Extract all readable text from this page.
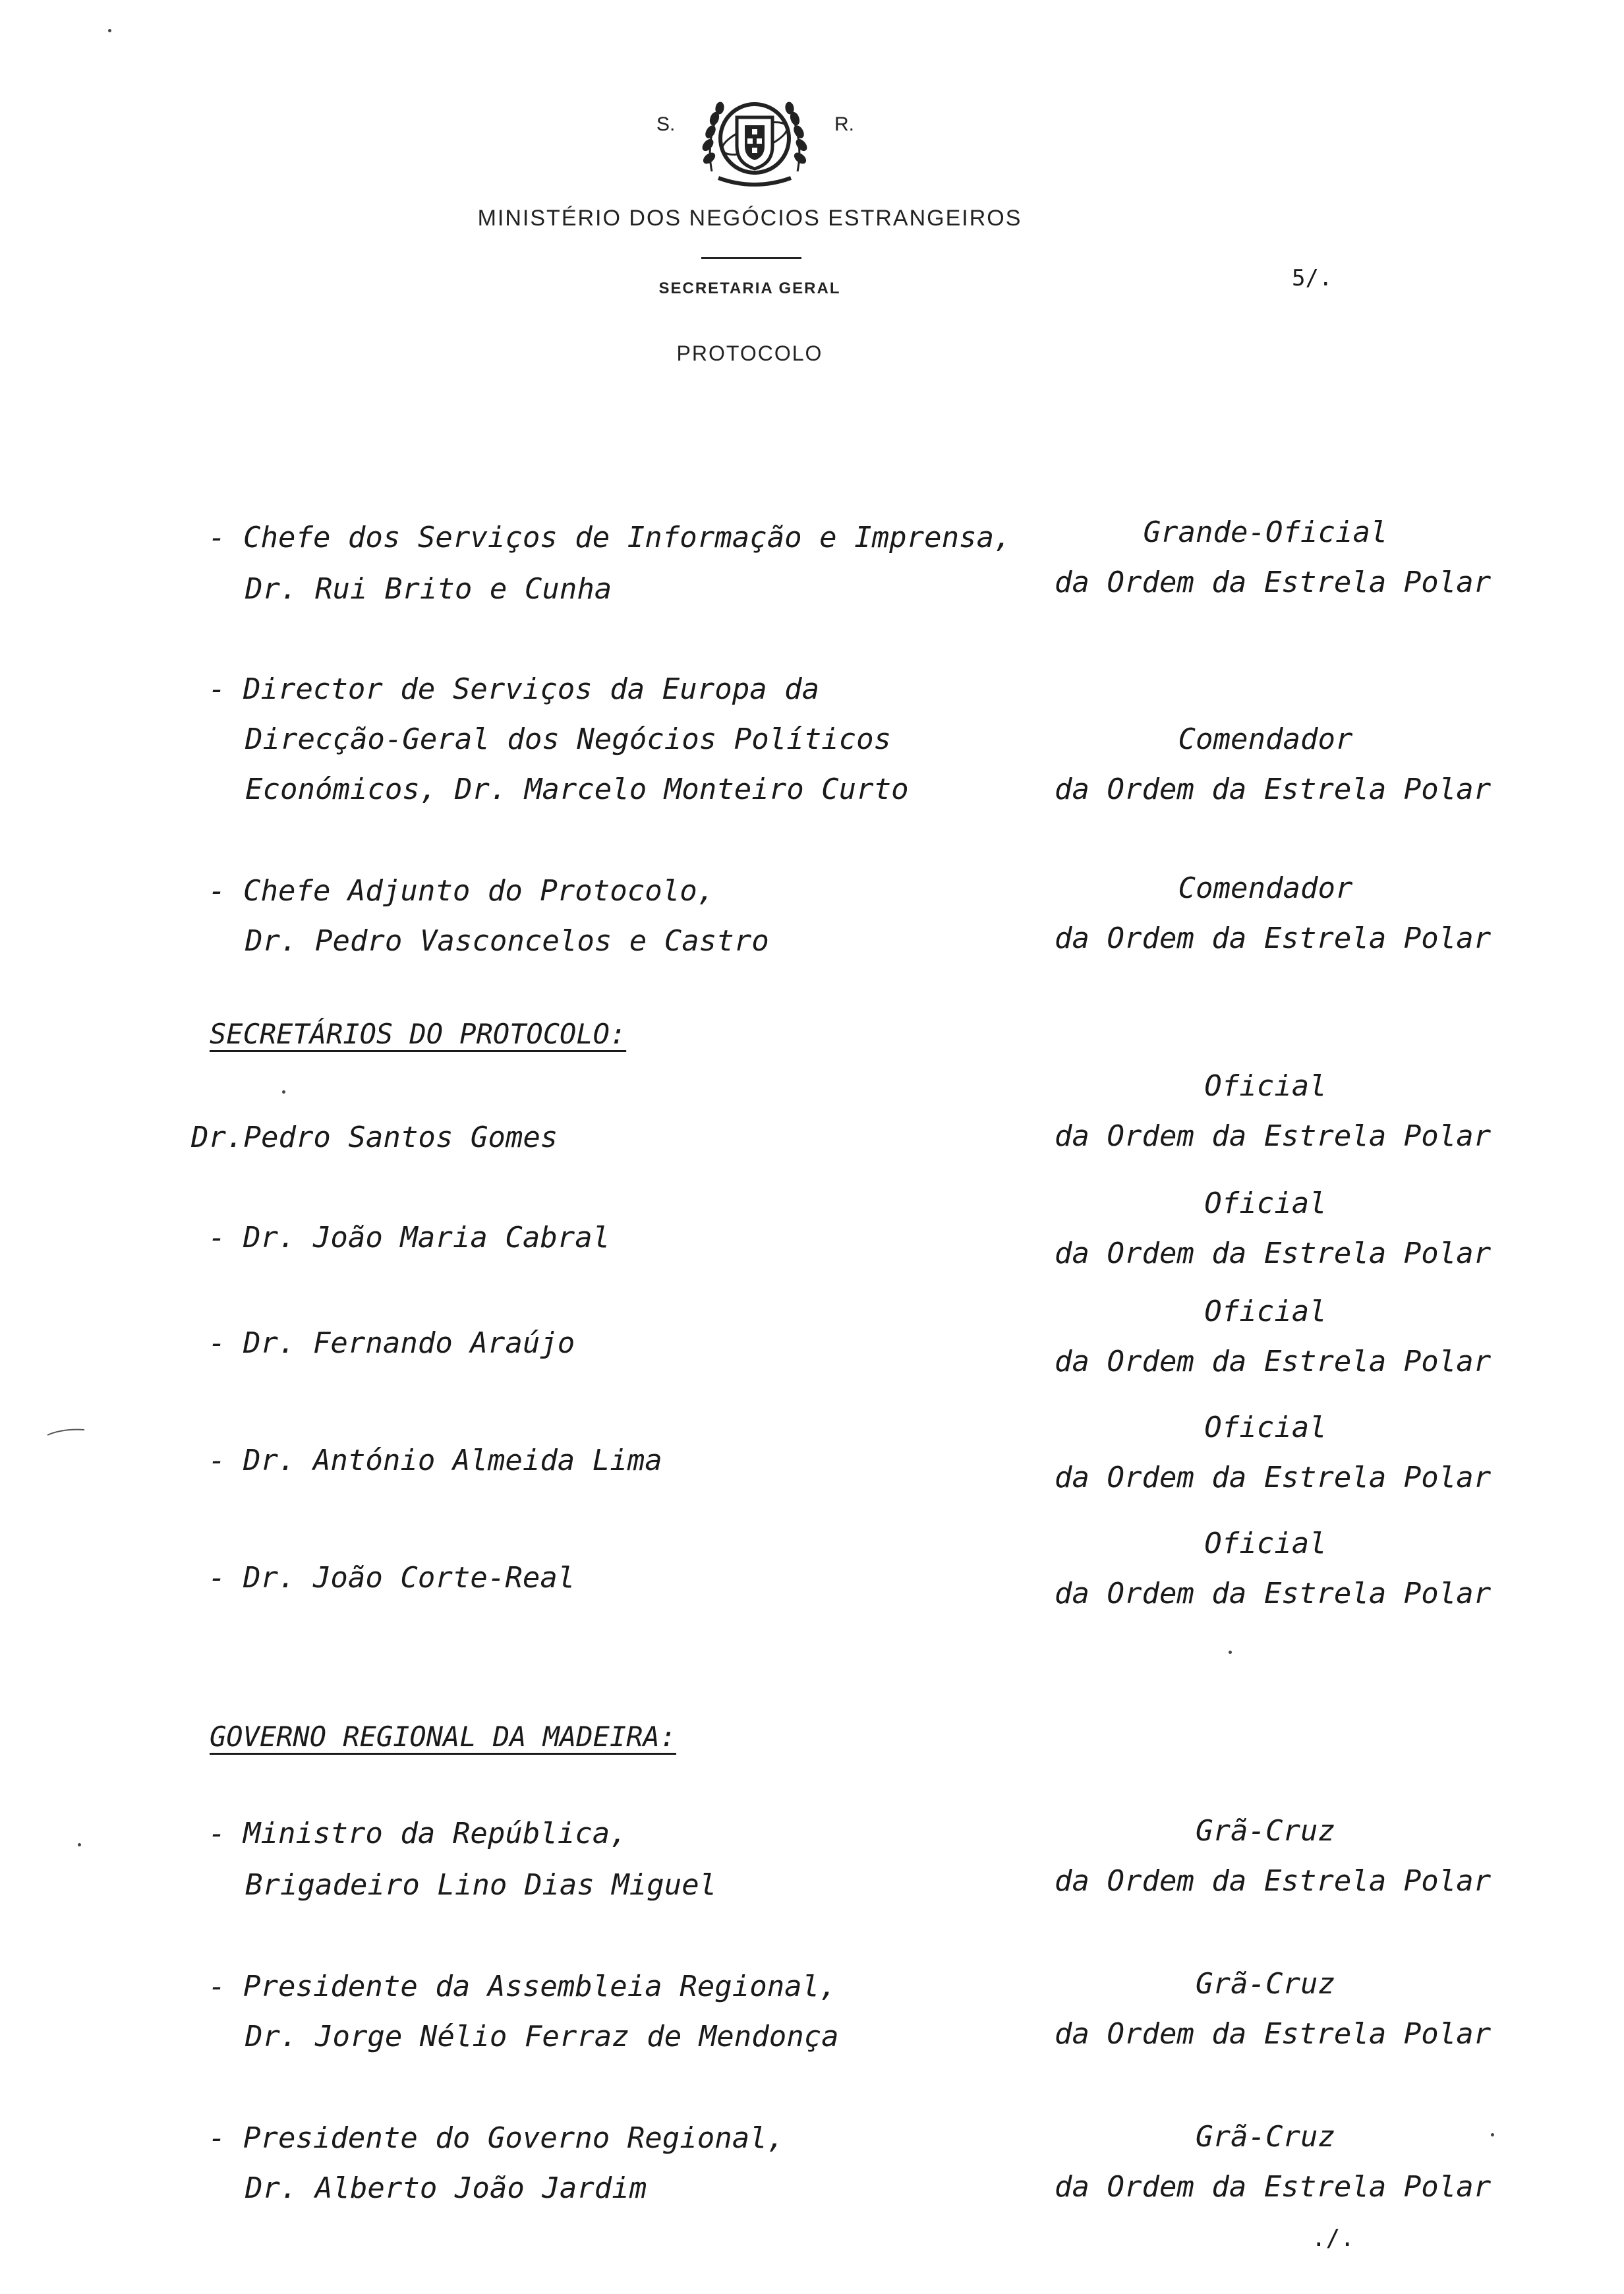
S.	R.
MINISTÉRIO DOS NEGÓCIOS ESTRANGEIROS
SECRETARIA GERAL
PROTOCOLO
5/.
- Chefe dos Serviços de Informação e Imprensa,
Dr. Rui Brito e Cunha
Grande-Oficial
da Ordem da Estrela Polar
- Director de Serviços da Europa da
Direcção-Geral dos Negócios Políticos
Económicos, Dr. Marcelo Monteiro Curto
Comendador
da Ordem da Estrela Polar
- Chefe Adjunto do Protocolo,
Dr. Pedro Vasconcelos e Castro
Comendador
da Ordem da Estrela Polar
SECRETÁRIOS DO PROTOCOLO:
Dr.Pedro Santos Gomes
Oficial
da Ordem da Estrela Polar
- Dr. João Maria Cabral
Oficial
da Ordem da Estrela Polar
- Dr. Fernando Araújo
Oficial
da Ordem da Estrela Polar
- Dr. António Almeida Lima
Oficial
da Ordem da Estrela Polar
- Dr. João Corte-Real
Oficial
da Ordem da Estrela Polar
GOVERNO REGIONAL DA MADEIRA:
- Ministro da República,
Brigadeiro Lino Dias Miguel
Grã-Cruz
da Ordem da Estrela Polar
- Presidente da Assembleia Regional,
Dr. Jorge Nélio Ferraz de Mendonça
Grã-Cruz
da Ordem da Estrela Polar
- Presidente do Governo Regional,
Dr. Alberto João Jardim
Grã-Cruz
da Ordem da Estrela Polar
./.
